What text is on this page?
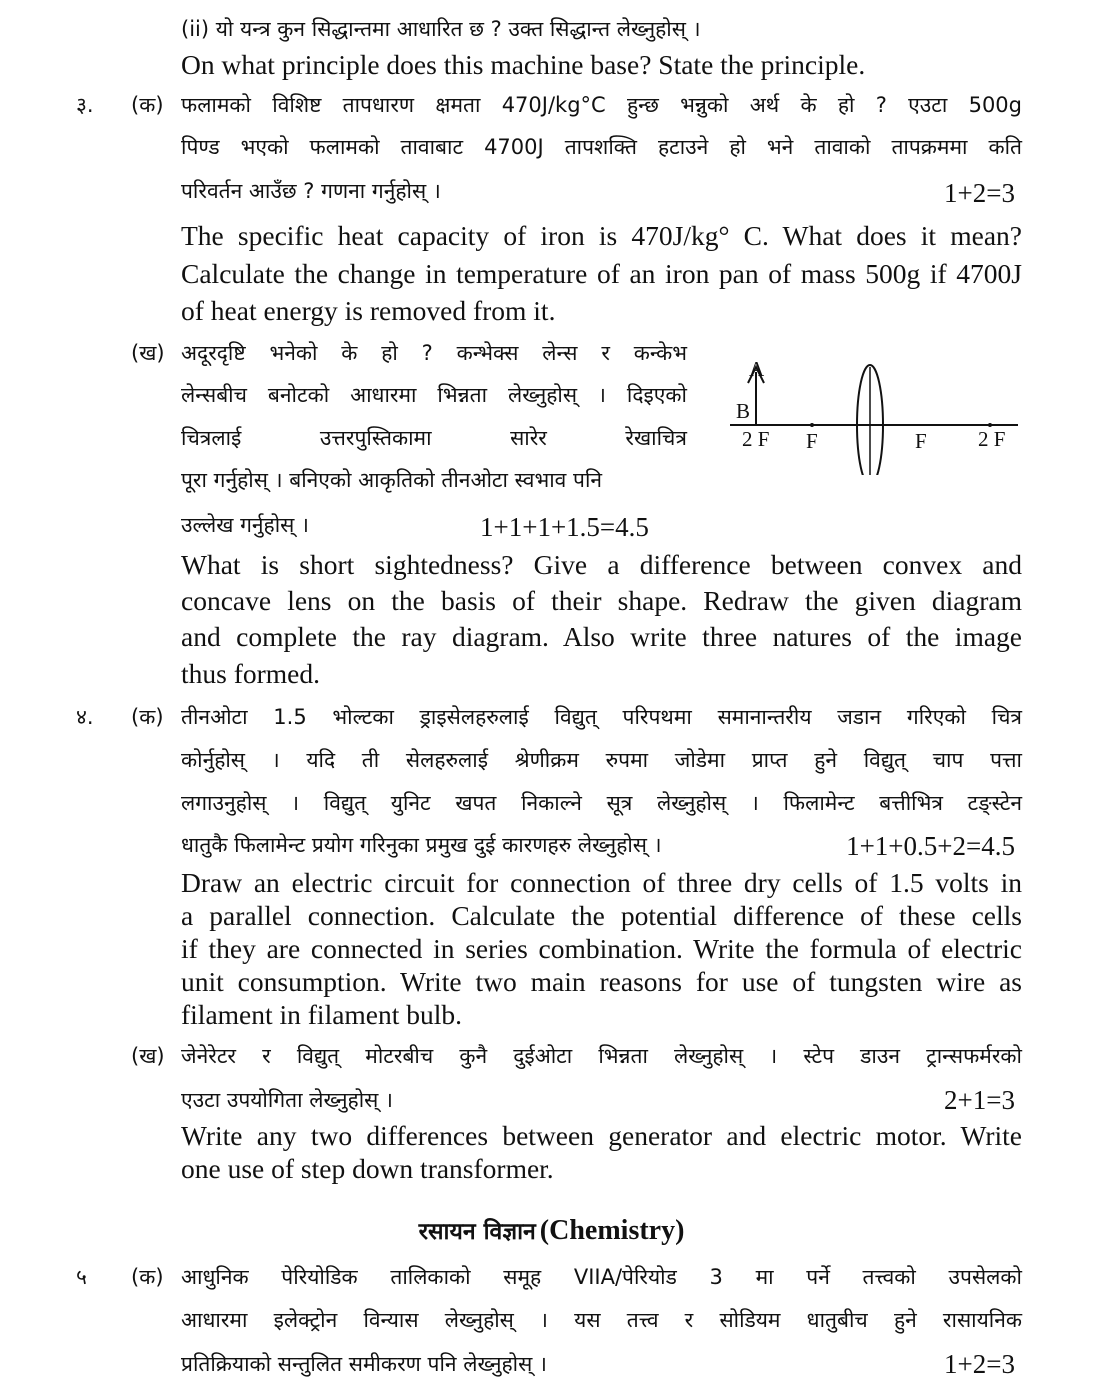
(ii) यो यन्त्र कुन सिद्धान्तमा आधारित छ ? उक्त सिद्धान्त लेख्नुहोस् ।
On what principle does this machine base? State the principle.
३. (क) फलामको विशिष्ट तापधारण क्षमता 470J/kg°C हुन्छ भन्नुको अर्थ के हो ? एउटा 500g
पिण्ड भएको फलामको तावाबाट 4700J तापशक्ति हटाउने हो भने तावाको तापक्रममा कति
परिवर्तन आउँछ ? गणना गर्नुहोस् ।	1+2=3
The specific heat capacity of iron is 470J/kg° C. What does it mean?
Calculate the change in temperature of an iron pan of mass 500g if 4700J
of heat energy is removed from it.
(ख) अदूरदृष्टि भनेको के हो ? कन्भेक्स लेन्स र कन्केभ
लेन्सबीच बनोटको आधारमा भिन्नता लेख्नुहोस् । दिइएको
चित्रलाई उत्तरपुस्तिकामा सारेर रेखाचित्र
पूरा गर्नुहोस् । बनिएको आकृतिको तीनओटा स्वभाव पनि
उल्लेख गर्नुहोस् ।	1+1+1+1.5=4.5
A
B
2 F F	F 2 F
What is short sightedness? Give a difference between convex and
concave lens on the basis of their shape. Redraw the given diagram
and complete the ray diagram. Also write three natures of the image
thus formed.
४. (क) तीनओटा 1.5 भोल्टका ड्राइसेलहरुलाई विद्युत् परिपथमा समानान्तरीय जडान गरिएको चित्र
कोर्नुहोस् । यदि ती सेलहरुलाई श्रेणीक्रम रुपमा जोडेमा प्राप्त हुने विद्युत् चाप पत्ता
लगाउनुहोस् । विद्युत् युनिट खपत निकाल्ने सूत्र लेख्नुहोस् । फिलामेन्ट बत्तीभित्र टङ्स्टेन
धातुकै फिलामेन्ट प्रयोग गरिनुका प्रमुख दुई कारणहरु लेख्नुहोस् ।	1+1+0.5+2=4.5
Draw an electric circuit for connection of three dry cells of 1.5 volts in
a parallel connection. Calculate the potential difference of these cells
if they are connected in series combination. Write the formula of electric
unit consumption. Write two main reasons for use of tungsten wire as
filament in filament bulb.
(ख) जेनेरेटर र विद्युत् मोटरबीच कुनै दुईओटा भिन्नता लेख्नुहोस् । स्टेप डाउन ट्रान्सफर्मरको
एउटा उपयोगिता लेख्नुहोस् ।	2+1=3
Write any two differences between generator and electric motor. Write
one use of step down transformer.
रसायन विज्ञान (Chemistry)
५ (क) आधुनिक पेरियोडिक तालिकाको समूह VIIA/पेरियोड 3 मा पर्ने तत्त्वको उपसेलको
आधारमा इलेक्ट्रोन विन्यास लेख्नुहोस् । यस तत्त्व र सोडियम धातुबीच हुने रासायनिक
प्रतिक्रियाको सन्तुलित समीकरण पनि लेख्नुहोस् ।	1+2=3
